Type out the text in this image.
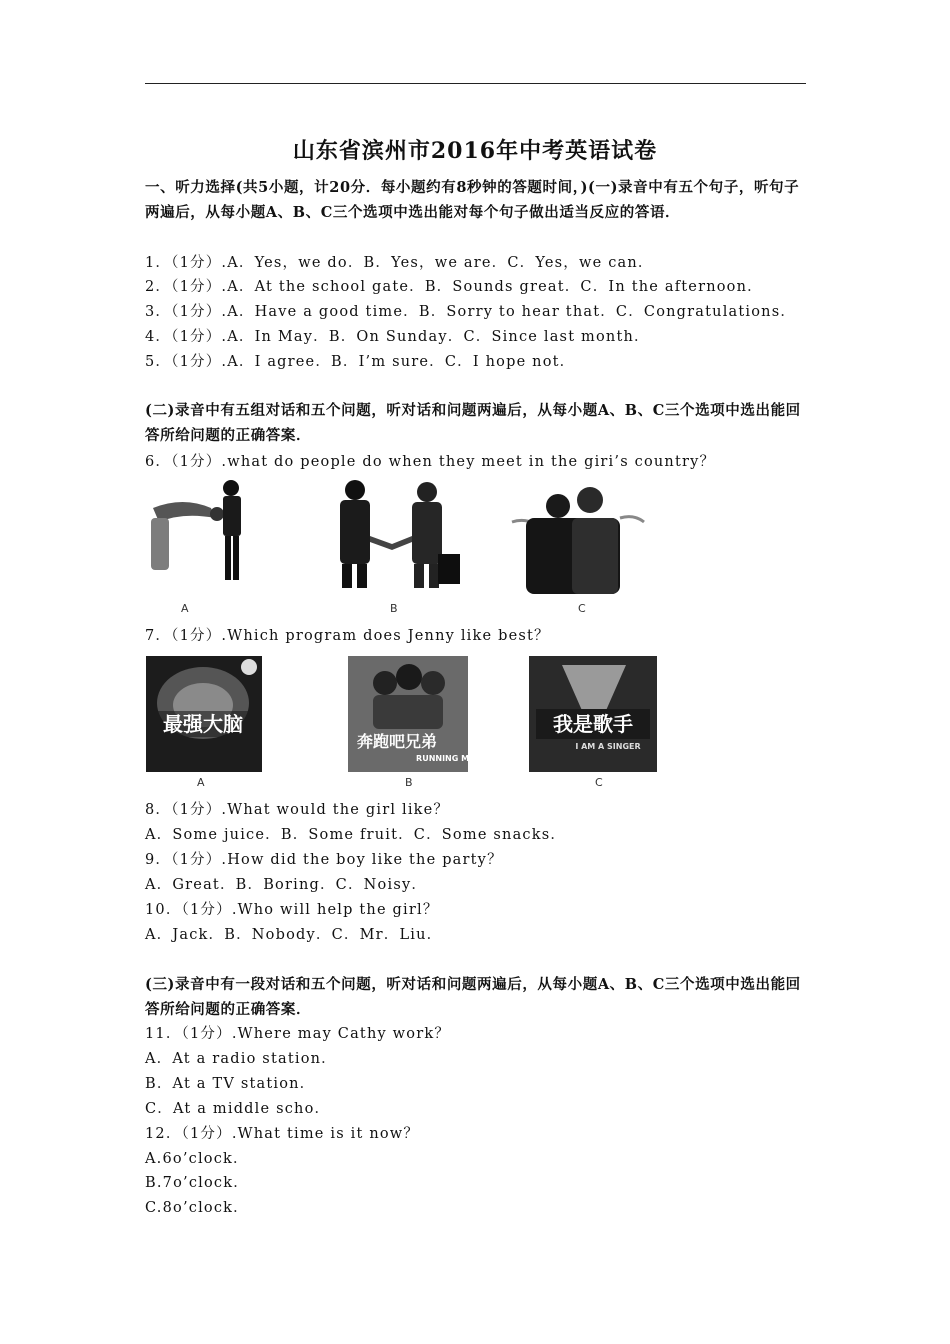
山东省滨州市2016年中考英语试卷
一、听力选择(共5小题，计20分．每小题约有8秒钟的答题时间，)(一)录音中有五个句子，听句子两遍后，从每小题A、B、C三个选项中选出能对每个句子做出适当反应的答语．
1．（1分）.A．Yes，we do．B．Yes，we are．C．Yes，we can．
2．（1分）.A．At the school gate．B．Sounds great．C．In the afternoon．
3．（1分）.A．Have a good time．B．Sorry to hear that．C．Congratulations．
4．（1分）.A．In May．B．On Sunday．C．Since last month．
5．（1分）.A．I agree．B．I’m sure．C．I hope not．
(二)录音中有五组对话和五个问题，听对话和问题两遍后，从每小题A、B、C三个选项中选出能回答所给问题的正确答案．
6．（1分）.what do people do when they meet in the giri’s country？
A	B	C
7．（1分）.Which program does Jenny like best？
最强大脑
A
奔跑吧兄弟
RUNNING MAN
B
我是歌手
I AM A SINGER
C
8．（1分）.What would the girl like？
A．Some juice．B．Some fruit．C．Some snacks．
9．（1分）.How did the boy like the party？
A．Great．B．Boring．C．Noisy．
10．（1分）.Who will help the girl？
A．Jack．B．Nobody．C．Mr．Liu．
(三)录音中有一段对话和五个问题，听对话和问题两遍后，从每小题A、B、C三个选项中选出能回答所给问题的正确答案．
11．（1分）.Where may Cathy work？
A．At a radio station．
B．At a TV station．
C．At a middle scho．
12．（1分）.What time is it now？
A.6o’clock．
B.7o’clock．
C.8o’clock．
